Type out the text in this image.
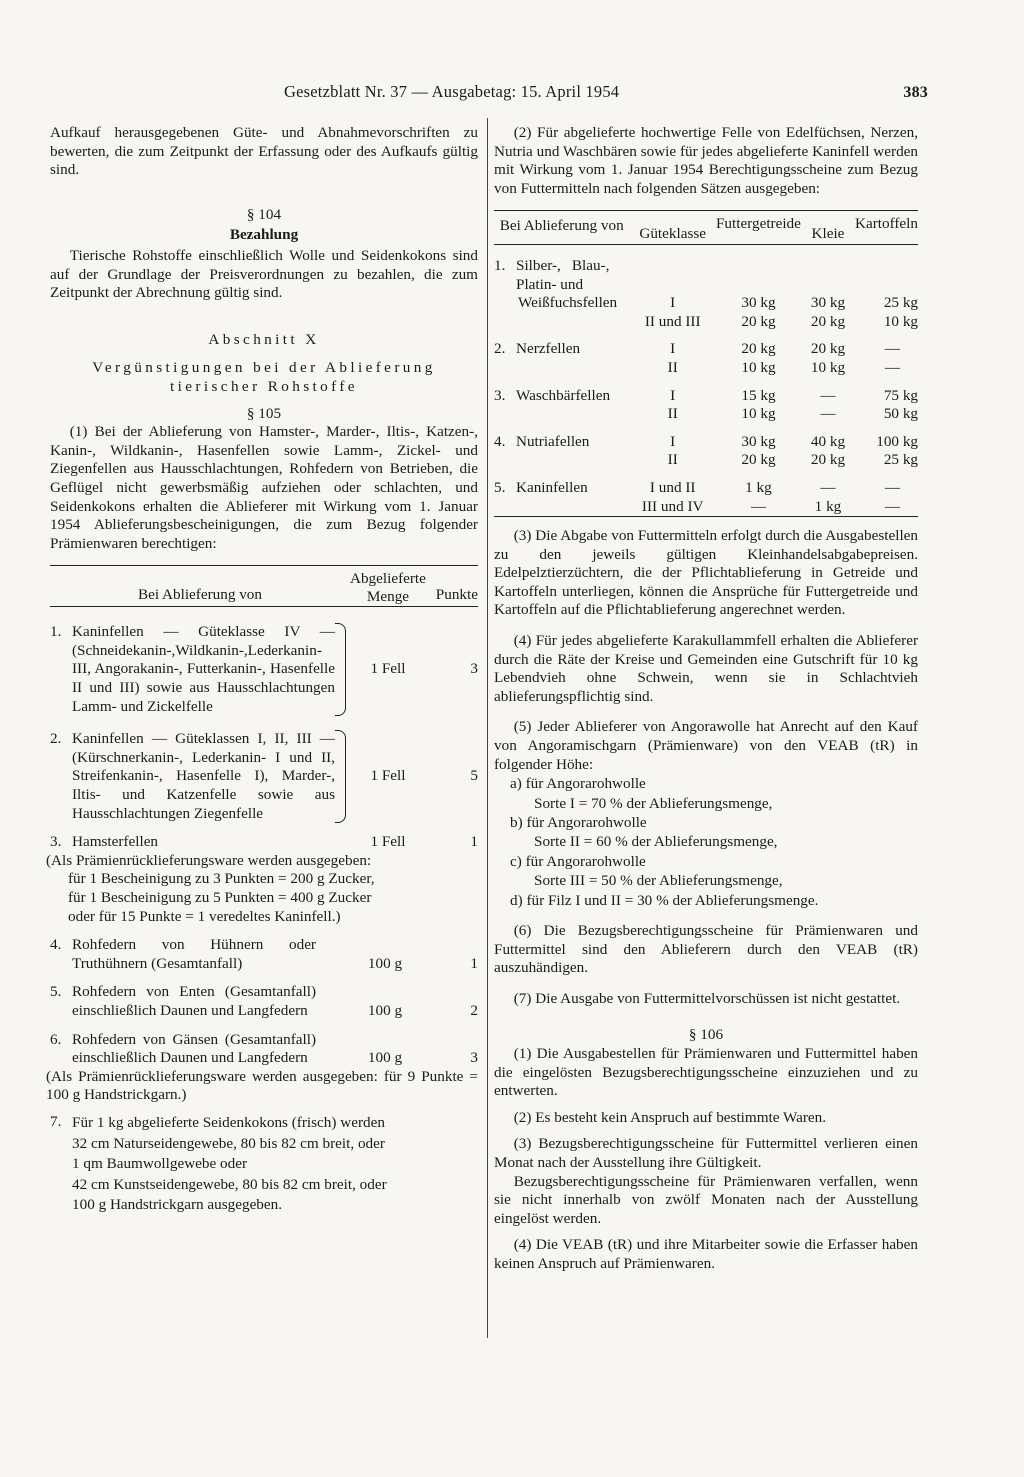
Gesetzblatt Nr. 37 — Ausgabetag: 15. April 1954	383

Aufkauf herausgegebenen Güte- und Abnahmevorschriften zu bewerten, die zum Zeitpunkt der Erfassung oder des Aufkaufs gültig sind.

§ 104
Bezahlung

Tierische Rohstoffe einschließlich Wolle und Seidenkokons sind auf der Grundlage der Preisverordnungen zu bezahlen, die zum Zeitpunkt der Abrechnung gültig sind.

Abschnitt X
Vergünstigungen bei der Ablieferung
tierischer Rohstoffe
§ 105

(1) Bei der Ablieferung von Hamster-, Marder-, Iltis-, Katzen-, Kanin-, Wildkanin-, Hasenfellen sowie Lamm-, Zickel- und Ziegenfellen aus Hausschlachtungen, Rohfedern von Betrieben, die Geflügel nicht gewerbsmäßig aufziehen oder schlachten, und Seidenkokons erhalten die Ablieferer mit Wirkung vom 1. Januar 1954 Ablieferungsbescheinigungen, die zum Bezug folgender Prämienwaren berechtigen:

Bei Ablieferung von	Abgelieferte Menge	Punkte

1. Kaninfellen — Güteklasse IV — (Schneidekanin-,Wildkanin-,Lederkanin- III, Angorakanin-, Futterkanin-, Hasenfelle II und III) sowie aus Hausschlachtungen Lamm- und Zickelfelle	1 Fell	3

2. Kaninfellen — Güteklassen I, II, III — (Kürschnerkanin-, Lederkanin- I und II, Streifenkanin-, Hasenfelle I), Marder-, Iltis- und Katzenfelle sowie aus Hausschlachtungen Ziegenfelle	1 Fell	5

3. Hamsterfellen	1 Fell	1
(Als Prämienrücklieferungsware werden ausgegeben:
für 1 Bescheinigung zu 3 Punkten = 200 g Zucker,
für 1 Bescheinigung zu 5 Punkten = 400 g Zucker
oder für 15 Punkte = 1 veredeltes Kaninfell.)
4. Rohfedern von Hühnern oder Truthühnern (Gesamtanfall)	100 g	1

5. Rohfedern von Enten (Gesamtanfall) einschließlich Daunen und Langfedern	100 g	2

6. Rohfedern von Gänsen (Gesamtanfall) einschließlich Daunen und Langfedern	100 g	3

(Als Prämienrücklieferungsware werden ausgegeben: für 9 Punkte = 100 g Handstrickgarn.)

7. Für 1 kg abgelieferte Seidenkokons (frisch) werden
32 cm Naturseidengewebe, 80 bis 82 cm breit, oder
1 qm Baumwollgewebe oder
42 cm Kunstseidengewebe, 80 bis 82 cm breit, oder
100 g Handstrickgarn ausgegeben.

(2) Für abgelieferte hochwertige Felle von Edelfüchsen, Nerzen, Nutria und Waschbären sowie für jedes abgelieferte Kaninfell werden mit Wirkung vom 1. Januar 1954 Berechtigungsscheine zum Bezug von Futtermitteln nach folgenden Sätzen ausgegeben:

Bei Ablieferung von	Güteklasse	Futtergetreide	Kleie	Kartoffeln

1. Silber-, Blau-, Platin- und
Weißfuchsfellen	I	30 kg	30 kg	25 kg

	II und III	20 kg	20 kg	10 kg

2. Nerzfellen	I	20 kg	20 kg	—
	II	10 kg	10 kg	—

3. Waschbärfellen	I	15 kg	—	75 kg
	II	10 kg	—	50 kg

4. Nutriafellen	I	30 kg	40 kg	100 kg
	II	20 kg	20 kg	25 kg

5. Kaninfellen	I und II	1 kg	—	—
	III und IV	—	1 kg	—

(3) Die Abgabe von Futtermitteln erfolgt durch die Ausgabestellen zu den jeweils gültigen Kleinhandelsabgabepreisen. Edelpelztierzüchtern, die der Pflichtablieferung in Getreide und Kartoffeln unterliegen, können die Ansprüche für Futtergetreide und Kartoffeln auf die Pflichtablieferung angerechnet werden.

(4) Für jedes abgelieferte Karakullammfell erhalten die Ablieferer durch die Räte der Kreise und Gemeinden eine Gutschrift für 10 kg Lebendvieh ohne Schwein, wenn sie in Schlachtvieh ablieferungspflichtig sind.

(5) Jeder Ablieferer von Angorawolle hat Anrecht auf den Kauf von Angoramischgarn (Prämienware) von den VEAB (tR) in folgender Höhe:

a) für Angorarohwolle
Sorte I = 70 % der Ablieferungsmenge,
b) für Angorarohwolle
Sorte II = 60 % der Ablieferungsmenge,
c) für Angorarohwolle
Sorte III = 50 % der Ablieferungsmenge,
d) für Filz I und II = 30 % der Ablieferungsmenge.

(6) Die Bezugsberechtigungsscheine für Prämienwaren und Futtermittel sind den Ablieferern durch den VEAB (tR) auszuhändigen.

(7) Die Ausgabe von Futtermittelvorschüssen ist nicht gestattet.

§ 106

(1) Die Ausgabestellen für Prämienwaren und Futtermittel haben die eingelösten Bezugsberechtigungsscheine einzuziehen und zu entwerten.

(2) Es besteht kein Anspruch auf bestimmte Waren.

(3) Bezugsberechtigungsscheine für Futtermittel verlieren einen Monat nach der Ausstellung ihre Gültigkeit.

Bezugsberechtigungsscheine für Prämienwaren verfallen, wenn sie nicht innerhalb von zwölf Monaten nach der Ausstellung eingelöst werden.

(4) Die VEAB (tR) und ihre Mitarbeiter sowie die Erfasser haben keinen Anspruch auf Prämienwaren.
